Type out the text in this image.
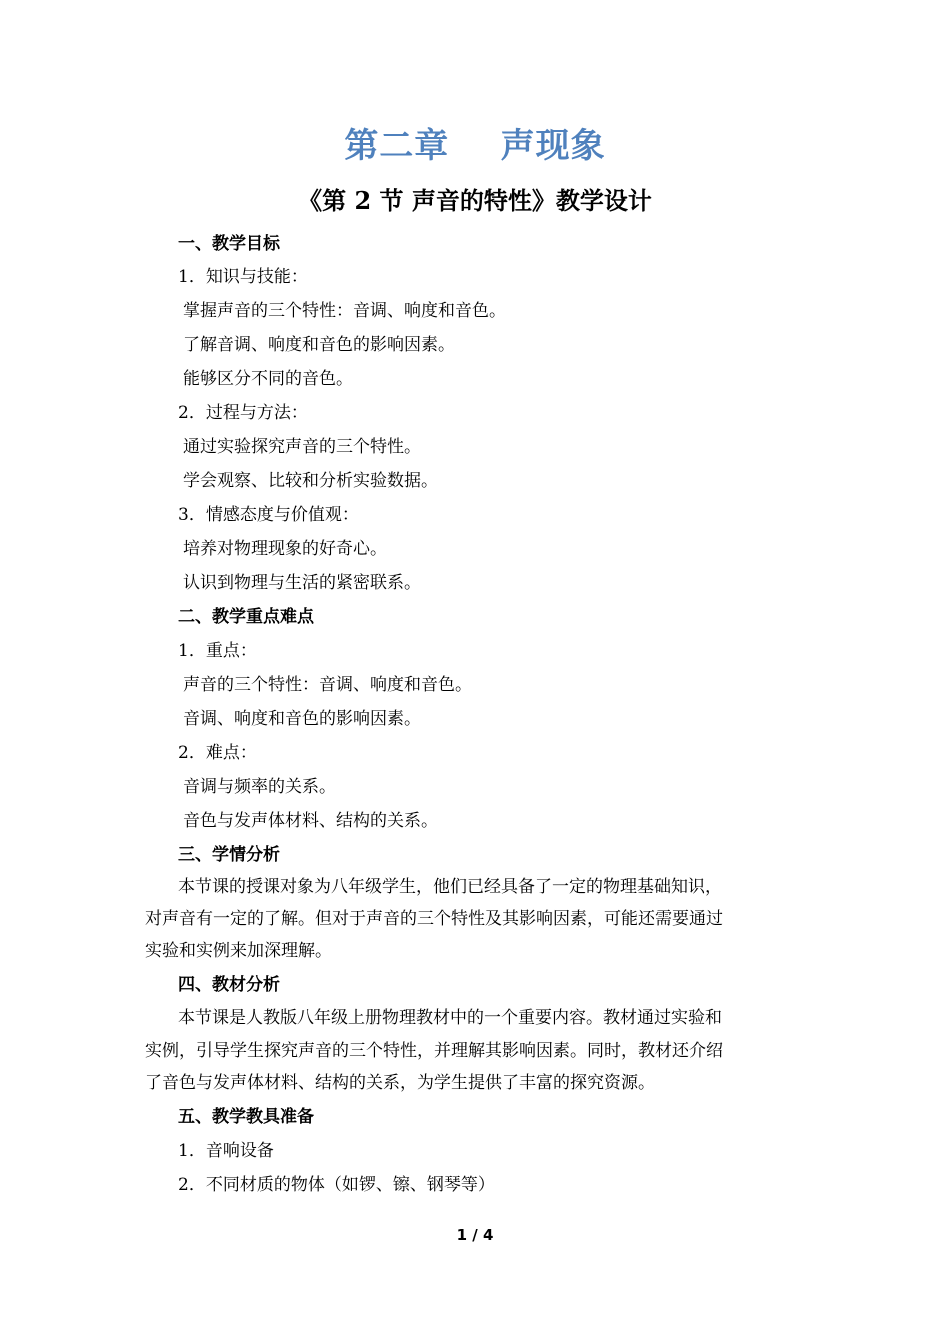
第二章    声现象
《第 2 节 声音的特性》教学设计
一、教学目标
1．知识与技能：
掌握声音的三个特性：音调、响度和音色。
了解音调、响度和音色的影响因素。
能够区分不同的音色。
2．过程与方法：
通过实验探究声音的三个特性。
学会观察、比较和分析实验数据。
3．情感态度与价值观：
培养对物理现象的好奇心。
认识到物理与生活的紧密联系。
二、教学重点难点
1．重点：
声音的三个特性：音调、响度和音色。
音调、响度和音色的影响因素。
2．难点：
音调与频率的关系。
音色与发声体材料、结构的关系。
三、学情分析
本节课的授课对象为八年级学生，他们已经具备了一定的物理基础知识，
对声音有一定的了解。但对于声音的三个特性及其影响因素，可能还需要通过
实验和实例来加深理解。
四、教材分析
本节课是人教版八年级上册物理教材中的一个重要内容。教材通过实验和
实例，引导学生探究声音的三个特性，并理解其影响因素。同时，教材还介绍
了音色与发声体材料、结构的关系，为学生提供了丰富的探究资源。
五、教学教具准备
1．音响设备
2．不同材质的物体（如锣、镲、钢琴等）
1 / 4
